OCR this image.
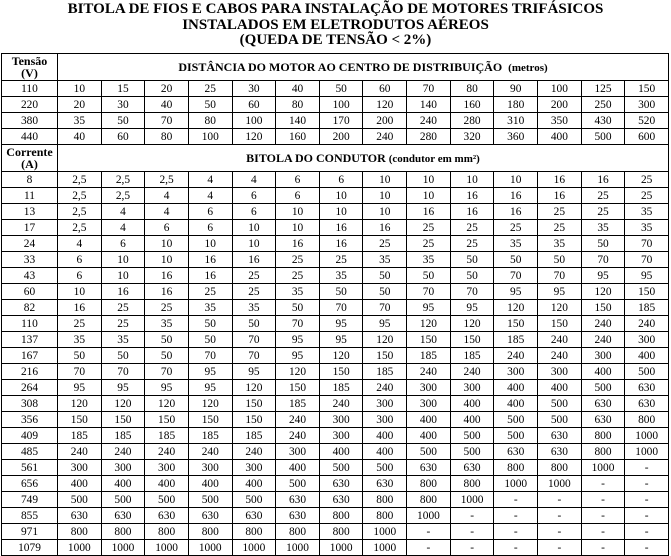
BITOLA DE FIOS E CABOS PARA INSTALAÇÃO DE MOTORES TRIFÁSICOS
INSTALADOS EM ELETRODUTOS AÉREOS
(QUEDA DE TENSÃO < 2%)
Tensão
(V)	DISTÂNCIA DO MOTOR AO CENTRO DE DISTRIBUIÇÃO (metros)													
110	10	15	20	25	30	40	50	60	70	80	90	100	125	150
220	20	30	40	50	60	80	100	120	140	160	180	200	250	300
380	35	50	70	80	100	140	170	200	240	280	310	350	430	520
440	40	60	80	100	120	160	200	240	280	320	360	400	500	600
Corrente
(A)	BITOLA DO CONDUTOR (condutor em mm²)													
8	2,5	2,5	2,5	4	4	6	6	10	10	10	10	16	16	25
11	2,5	2,5	4	4	6	6	10	10	10	16	16	16	25	25
13	2,5	4	4	6	6	10	10	10	16	16	16	25	25	35
17	2,5	4	6	6	10	10	16	16	25	25	25	25	35	35
24	4	6	10	10	10	16	16	25	25	25	35	35	50	70
33	6	10	10	16	16	25	25	35	35	50	50	50	70	70
43	6	10	16	16	25	25	35	50	50	50	70	70	95	95
60	10	16	16	25	25	35	50	50	70	70	95	95	120	150
82	16	25	25	35	35	50	70	70	95	95	120	120	150	185
110	25	25	35	50	50	70	95	95	120	120	150	150	240	240
137	35	35	50	50	70	95	95	120	150	150	185	240	240	300
167	50	50	50	70	70	95	120	150	185	185	240	240	300	400
216	70	70	70	95	95	120	150	185	240	240	300	300	400	500
264	95	95	95	95	120	150	185	240	300	300	400	400	500	630
308	120	120	120	120	150	185	240	300	300	400	400	500	630	630
356	150	150	150	150	150	240	300	300	400	400	500	500	630	800
409	185	185	185	185	185	240	300	400	400	500	500	630	800	1000
485	240	240	240	240	240	300	400	400	500	500	630	630	800	1000
561	300	300	300	300	300	400	500	500	630	630	800	800	1000	-
656	400	400	400	400	400	500	630	630	800	800	1000	1000	-	-
749	500	500	500	500	500	630	630	800	800	1000	-	-	-	-
855	630	630	630	630	630	630	800	800	1000	-	-	-	-	-
971	800	800	800	800	800	800	800	1000	-	-	-	-	-	-
1079	1000	1000	1000	1000	1000	1000	1000	1000	-	-	-	-	-	-
